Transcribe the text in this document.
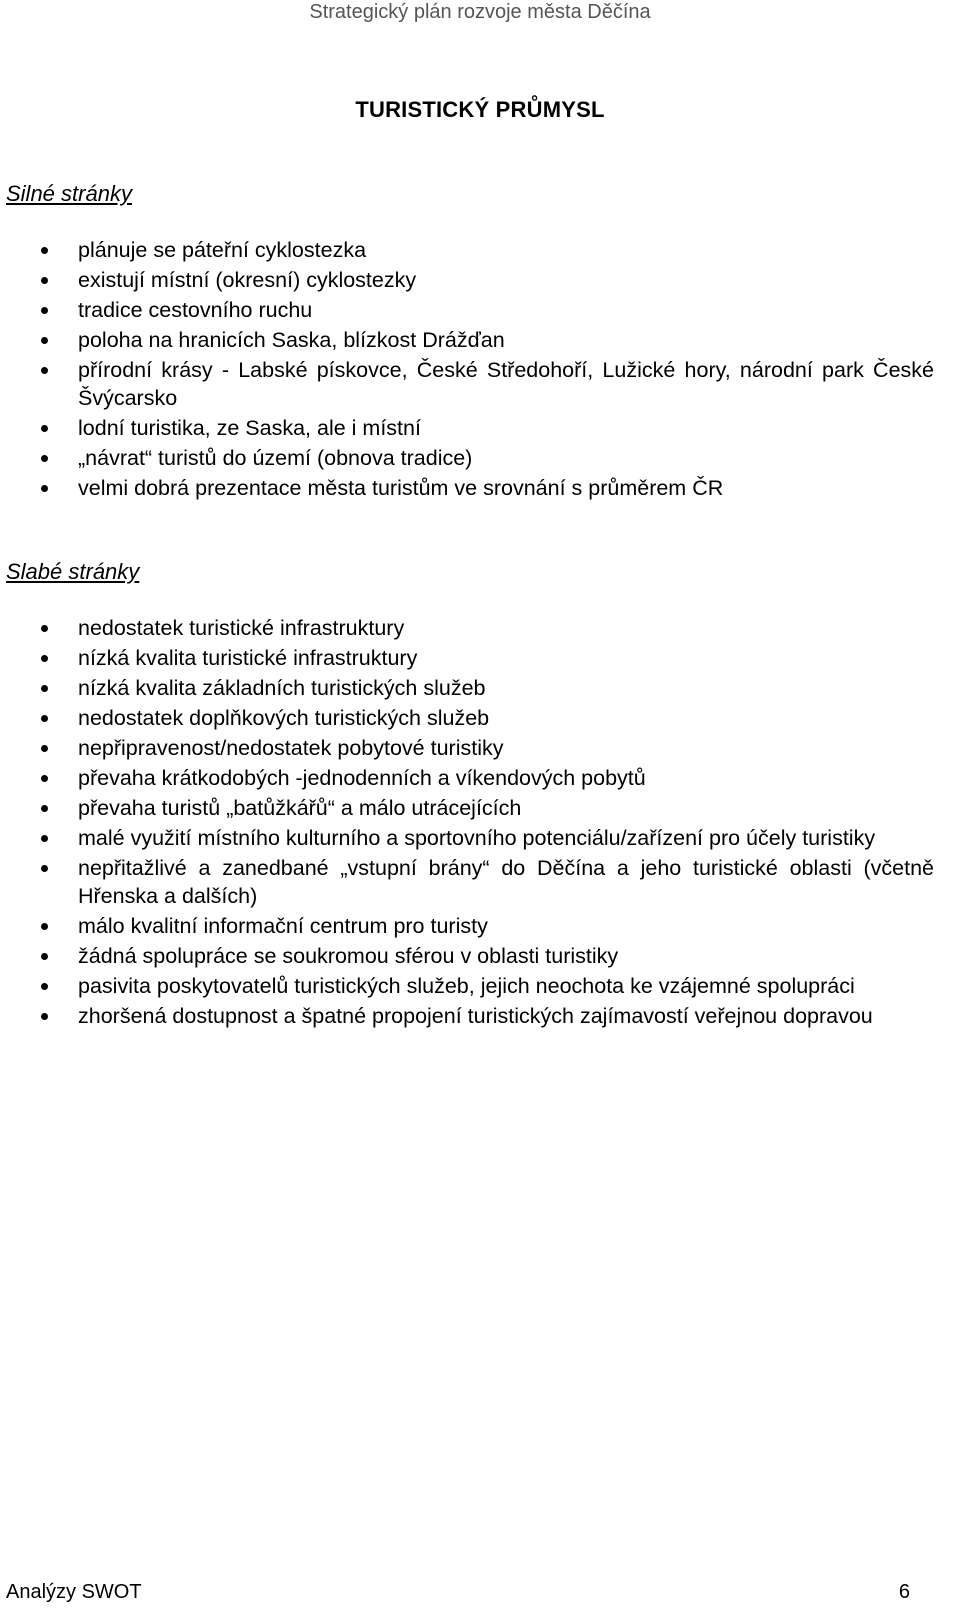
Strategický plán rozvoje města Děčína
TURISTICKÝ PRŮMYSL
Silné stránky
plánuje se páteřní cyklostezka
existují místní (okresní) cyklostezky
tradice cestovního ruchu
poloha na hranicích Saska, blízkost Drážďan
přírodní krásy - Labské pískovce, České Středohoří, Lužické hory, národní park České Švýcarsko
lodní turistika, ze Saska, ale i místní
„návrat“ turistů do území (obnova tradice)
velmi dobrá prezentace města turistům ve srovnání s průměrem ČR
Slabé stránky
nedostatek turistické infrastruktury
nízká kvalita turistické infrastruktury
nízká kvalita základních turistických služeb
nedostatek doplňkových turistických služeb
nepřipravenost/nedostatek pobytové turistiky
převaha krátkodobých -jednodenních a víkendových pobytů
převaha turistů „batůžkářů“ a málo utrácejících
malé využití místního kulturního a sportovního potenciálu/zařízení pro účely turistiky
nepřitažlivé a zanedbané „vstupní brány“ do Děčína a jeho turistické oblasti (včetně Hřenska a dalších)
málo kvalitní informační centrum pro turisty
žádná spolupráce se soukromou sférou v oblasti turistiky
pasivita poskytovatelů turistických služeb, jejich neochota ke vzájemné spolupráci
zhoršená dostupnost a špatné propojení turistických zajímavostí veřejnou dopravou
Analýzy SWOT	6
